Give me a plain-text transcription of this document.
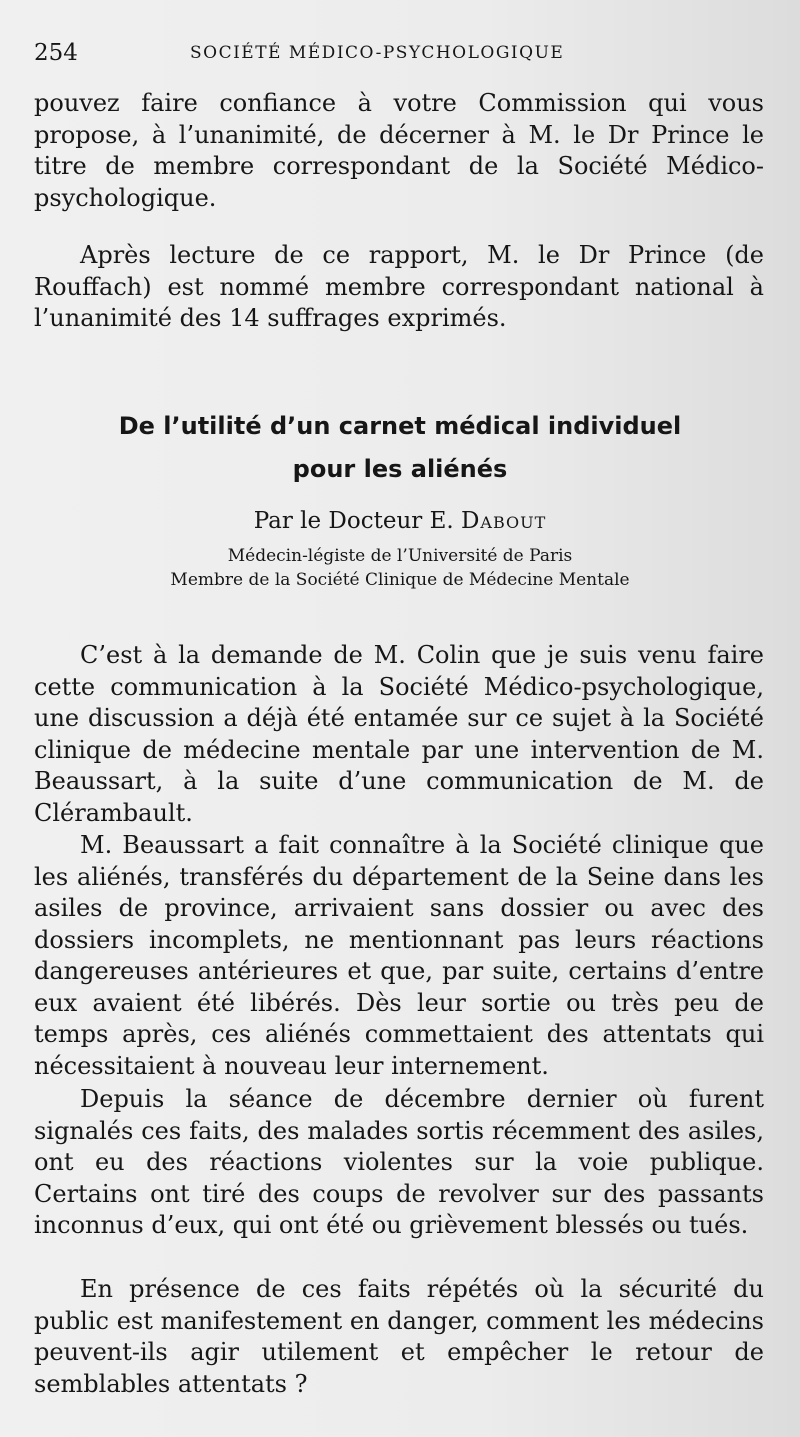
254	SOCIÉTÉ MÉDICO-PSYCHOLOGIQUE

pouvez faire confiance à votre Commission qui vous propose, à l’unanimité, de décerner à M. le Dr Prince le titre de membre correspondant de la Société Médico-psychologique.

Après lecture de ce rapport, M. le Dr Prince (de Rouffach) est nommé membre correspondant national à l’unanimité des 14 suffrages exprimés.

De l’utilité d’un carnet médical individuel
pour les aliénés
Par le Docteur E. Dabout
Médecin-légiste de l’Université de Paris
Membre de la Société Clinique de Médecine Mentale

C’est à la demande de M. Colin que je suis venu faire cette communication à la Société Médico-psychologique, une discussion a déjà été entamée sur ce sujet à la Société clinique de médecine mentale par une intervention de M. Beaussart, à la suite d’une communication de M. de Clérambault.

M. Beaussart a fait connaître à la Société clinique que les aliénés, transférés du département de la Seine dans les asiles de province, arrivaient sans dossier ou avec des dossiers incomplets, ne mentionnant pas leurs réactions dangereuses antérieures et que, par suite, certains d’entre eux avaient été libérés. Dès leur sortie ou très peu de temps après, ces aliénés commettaient des attentats qui nécessitaient à nouveau leur internement.

Depuis la séance de décembre dernier où furent signalés ces faits, des malades sortis récemment des asiles, ont eu des réactions violentes sur la voie publique. Certains ont tiré des coups de revolver sur des passants inconnus d’eux, qui ont été ou grièvement blessés ou tués.

En présence de ces faits répétés où la sécurité du public est manifestement en danger, comment les médecins peuvent-ils agir utilement et empêcher le retour de semblables attentats ?
